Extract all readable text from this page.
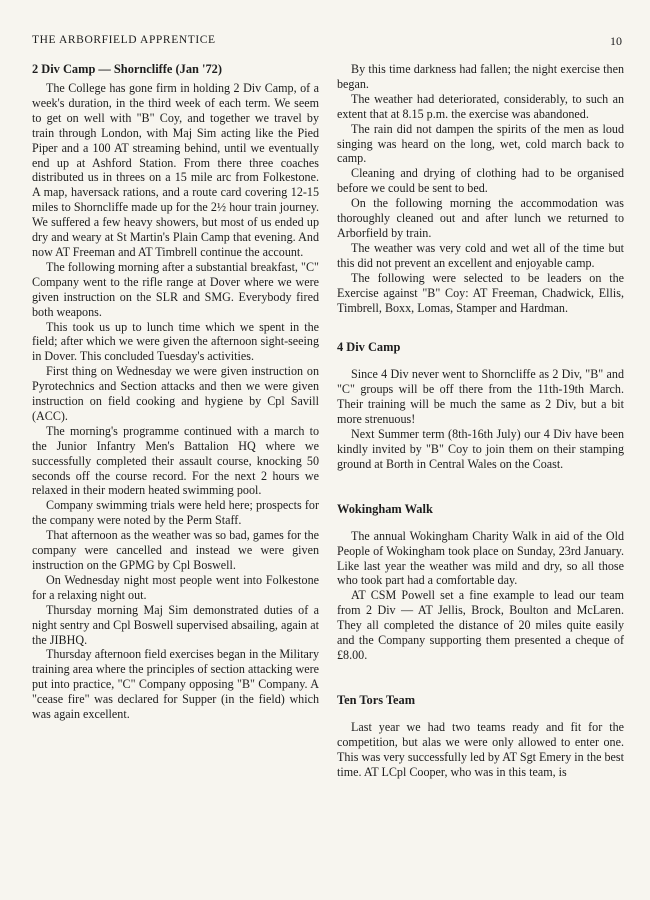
THE ARBORFIELD APPRENTICE	10
2 Div Camp — Shorncliffe (Jan '72)

The College has gone firm in holding 2 Div Camp, of a week's duration, in the third week of each term. We seem to get on well with "B" Coy, and together we travel by train through London, with Maj Sim acting like the Pied Piper and a 100 AT streaming behind, until we eventually end up at Ashford Station. From there three coaches distributed us in threes on a 15 mile arc from Folkestone. A map, haversack rations, and a route card covering 12-15 miles to Shorncliffe made up for the 2½ hour train journey. We suffered a few heavy showers, but most of us ended up dry and weary at St Martin's Plain Camp that evening. And now AT Freeman and AT Timbrell continue the account.

The following morning after a substantial breakfast, "C" Company went to the rifle range at Dover where we were given instruction on the SLR and SMG. Everybody fired both weapons.

This took us up to lunch time which we spent in the field; after which we were given the afternoon sight-seeing in Dover. This concluded Tuesday's activities.

First thing on Wednesday we were given instruction on Pyrotechnics and Section attacks and then we were given instruction on field cooking and hygiene by Cpl Savill (ACC).

The morning's programme continued with a march to the Junior Infantry Men's Battalion HQ where we successfully completed their assault course, knocking 50 seconds off the course record. For the next 2 hours we relaxed in their modern heated swimming pool.

Company swimming trials were held here; prospects for the company were noted by the Perm Staff.

That afternoon as the weather was so bad, games for the company were cancelled and instead we were given instruction on the GPMG by Cpl Boswell.

On Wednesday night most people went into Folkestone for a relaxing night out.

Thursday morning Maj Sim demonstrated duties of a night sentry and Cpl Boswell supervised absailing, again at the JIBHQ.

Thursday afternoon field exercises began in the Military training area where the principles of section attacking were put into practice, "C" Company opposing "B" Company. A "cease fire" was declared for Supper (in the field) which was again excellent.

By this time darkness had fallen; the night exercise then began.

The weather had deteriorated, considerably, to such an extent that at 8.15 p.m. the exercise was abandoned.

The rain did not dampen the spirits of the men as loud singing was heard on the long, wet, cold march back to camp.

Cleaning and drying of clothing had to be organised before we could be sent to bed.

On the following morning the accommodation was thoroughly cleaned out and after lunch we returned to Arborfield by train.

The weather was very cold and wet all of the time but this did not prevent an excellent and enjoyable camp.

The following were selected to be leaders on the Exercise against "B" Coy: AT Freeman, Chadwick, Ellis, Timbrell, Boxx, Lomas, Stamper and Hardman.

4 Div Camp

Since 4 Div never went to Shorncliffe as 2 Div, "B" and "C" groups will be off there from the 11th-19th March. Their training will be much the same as 2 Div, but a bit more strenuous!

Next Summer term (8th-16th July) our 4 Div have been kindly invited by "B" Coy to join them on their stamping ground at Borth in Central Wales on the Coast.

Wokingham Walk

The annual Wokingham Charity Walk in aid of the Old People of Wokingham took place on Sunday, 23rd January. Like last year the weather was mild and dry, so all those who took part had a comfortable day.

AT CSM Powell set a fine example to lead our team from 2 Div — AT Jellis, Brock, Boulton and McLaren. They all completed the distance of 20 miles quite easily and the Company supporting them presented a cheque of £8.00.

Ten Tors Team

Last year we had two teams ready and fit for the competition, but alas we were only allowed to enter one. This was very successfully led by AT Sgt Emery in the best time. AT LCpl Cooper, who was in this team, is
